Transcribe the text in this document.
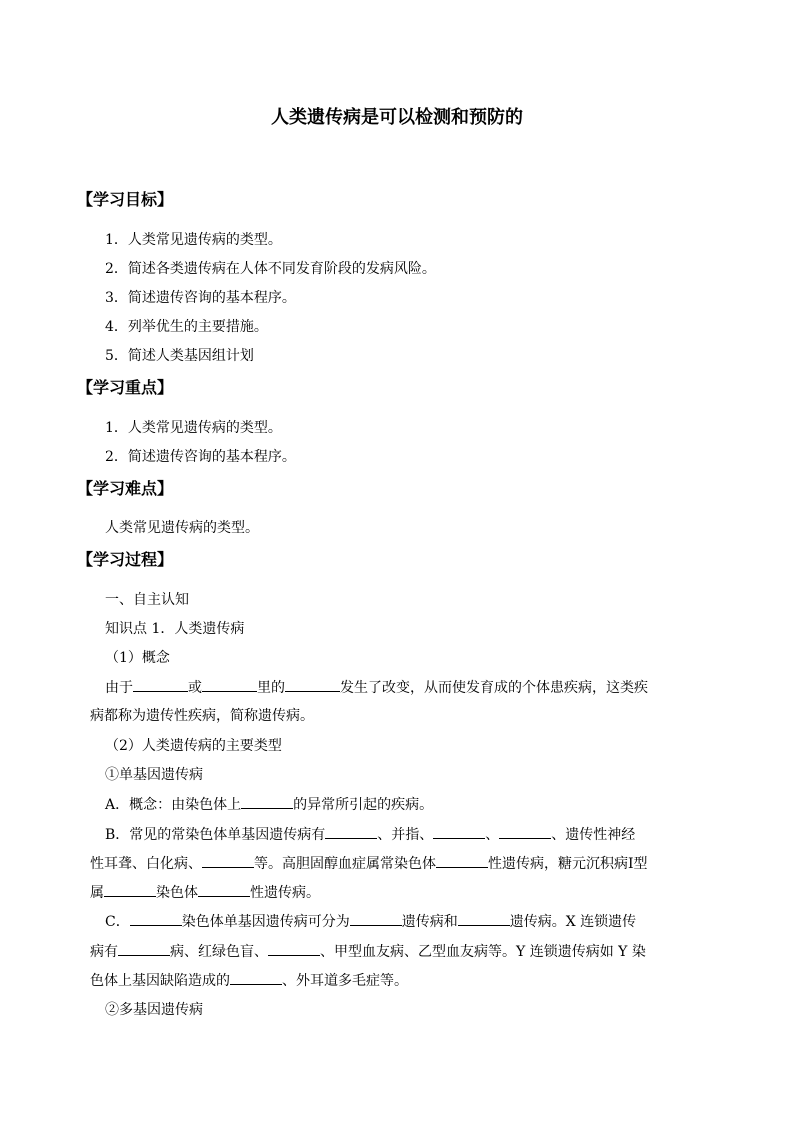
人类遗传病是可以检测和预防的
【学习目标】
1．人类常见遗传病的类型。
2．简述各类遗传病在人体不同发育阶段的发病风险。
3．简述遗传咨询的基本程序。
4．列举优生的主要措施。
5．简述人类基因组计划
【学习重点】
1．人类常见遗传病的类型。
2．简述遗传咨询的基本程序。
【学习难点】
人类常见遗传病的类型。
【学习过程】
一、自主认知
知识点 1．人类遗传病
（1）概念
由于	或	里的	发生了改变，从而使发育成的个体患疾病，这类疾
病都称为遗传性疾病，简称遗传病。
（2）人类遗传病的主要类型
①单基因遗传病
A．概念：由染色体上	的异常所引起的疾病。
B．常见的常染色体单基因遗传病有	、并指、	、	、遗传性神经
性耳聋、白化病、	等。高胆固醇血症属常染色体	性遗传病，糖元沉积病Ⅰ型
属	染色体	性遗传病。
C．	染色体单基因遗传病可分为	遗传病和	遗传病。X 连锁遗传
病有	病、红绿色盲、	、甲型血友病、乙型血友病等。Y 连锁遗传病如 Y 染
色体上基因缺陷造成的	、外耳道多毛症等。
②多基因遗传病
